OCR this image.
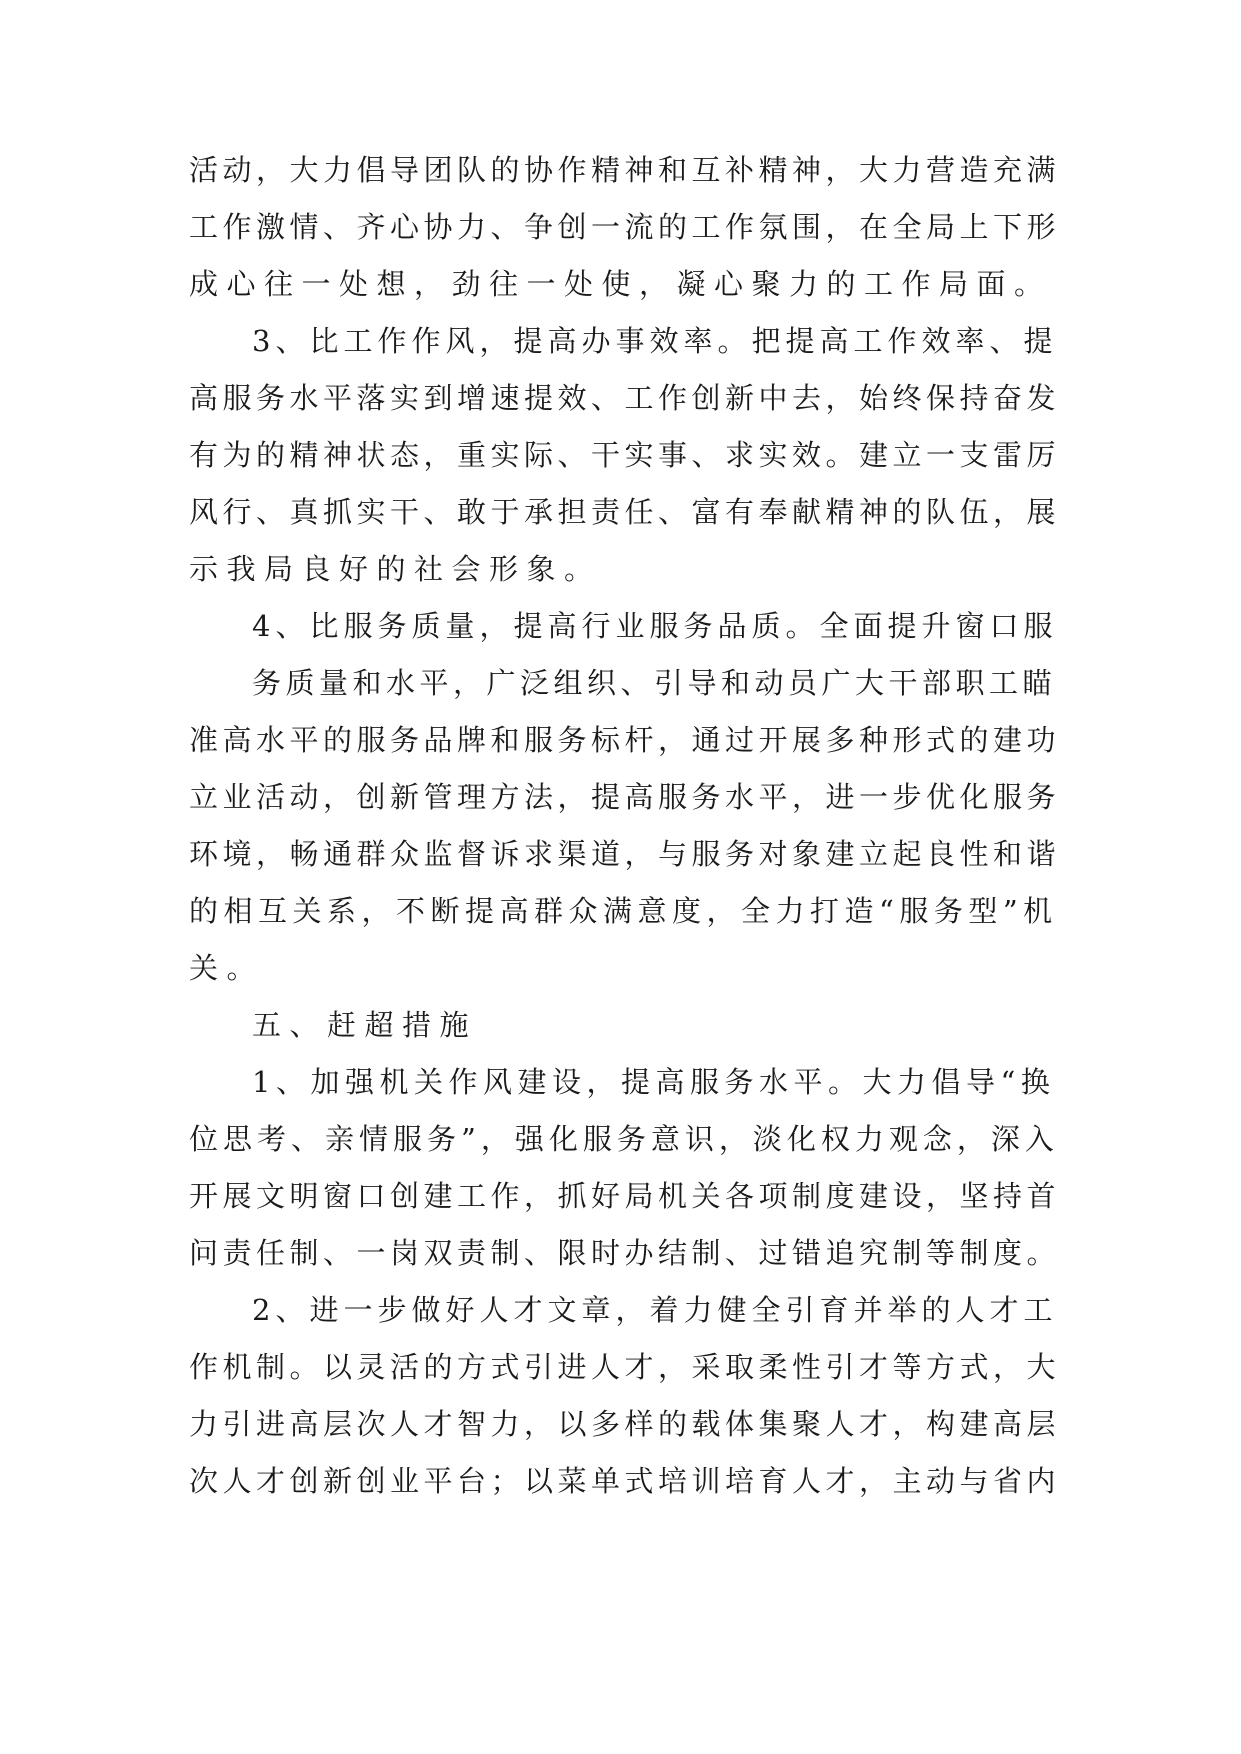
活动，大力倡导团队的协作精神和互补精神，大力营造充满
工作激情、齐心协力、争创一流的工作氛围，在全局上下形
成心往一处想，劲往一处使，凝心聚力的工作局面。
3、比工作作风，提高办事效率。把提高工作效率、提
高服务水平落实到增速提效、工作创新中去，始终保持奋发
有为的精神状态，重实际、干实事、求实效。建立一支雷厉
风行、真抓实干、敢于承担责任、富有奉献精神的队伍，展
示我局良好的社会形象。
4、比服务质量，提高行业服务品质。全面提升窗口服
务质量和水平，广泛组织、引导和动员广大干部职工瞄
准高水平的服务品牌和服务标杆，通过开展多种形式的建功
立业活动，创新管理方法，提高服务水平，进一步优化服务
环境，畅通群众监督诉求渠道，与服务对象建立起良性和谐
的相互关系，不断提高群众满意度，全力打造“服务型”机
关。
五、赶超措施
1、加强机关作风建设，提高服务水平。大力倡导“换
位思考、亲情服务”，强化服务意识，淡化权力观念，深入
开展文明窗口创建工作，抓好局机关各项制度建设，坚持首
问责任制、一岗双责制、限时办结制、过错追究制等制度。
2、进一步做好人才文章，着力健全引育并举的人才工
作机制。以灵活的方式引进人才，采取柔性引才等方式，大
力引进高层次人才智力，以多样的载体集聚人才，构建高层
次人才创新创业平台；以菜单式培训培育人才，主动与省内
